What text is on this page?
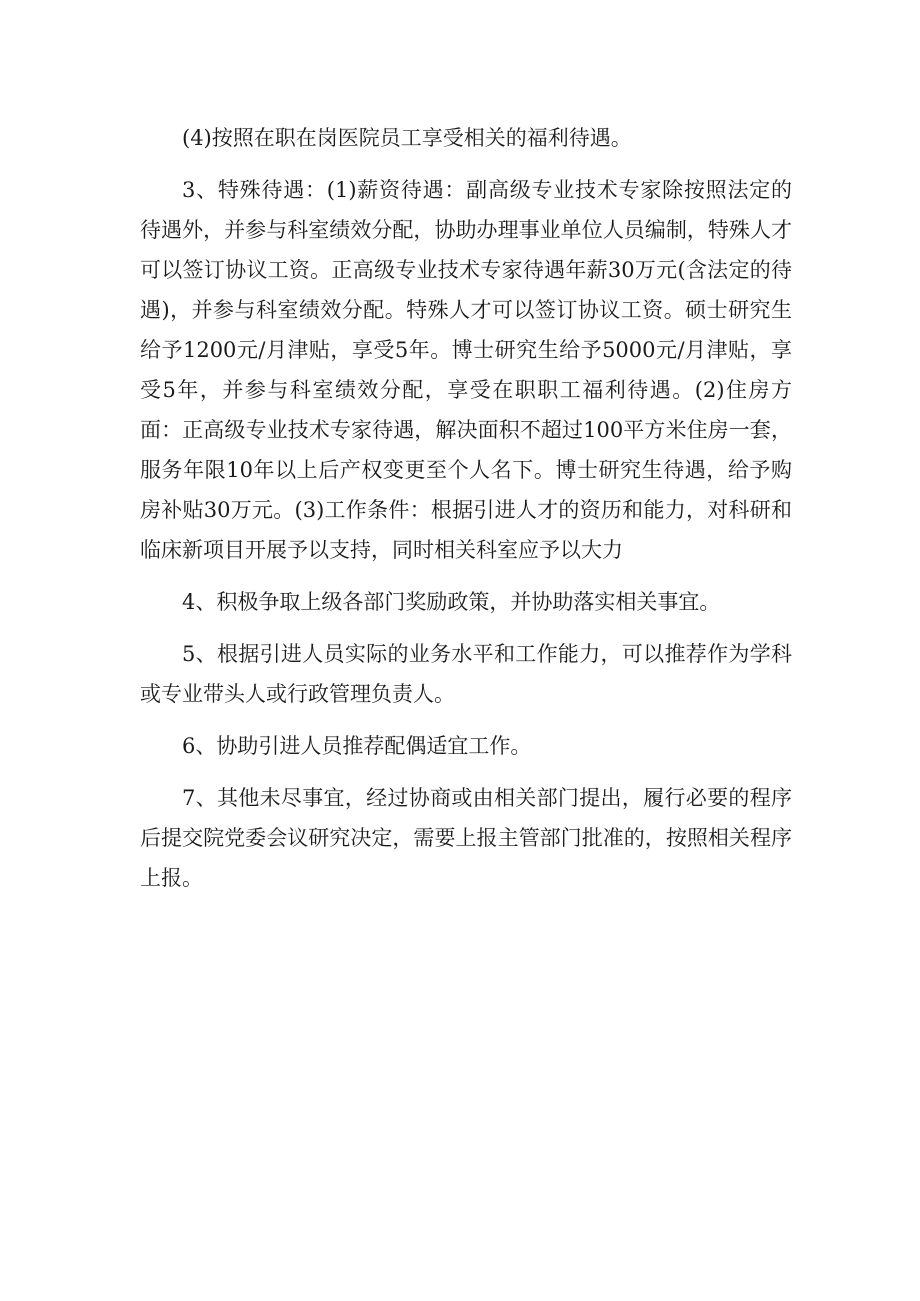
(4)按照在职在岗医院员工享受相关的福利待遇。

3、特殊待遇：(1)薪资待遇：副高级专业技术专家除按照法定的待遇外，并参与科室绩效分配，协助办理事业单位人员编制，特殊人才可以签订协议工资。正高级专业技术专家待遇年薪30万元(含法定的待遇)，并参与科室绩效分配。特殊人才可以签订协议工资。硕士研究生给予1200元/月津贴，享受5年。博士研究生给予5000元/月津贴，享受5年，并参与科室绩效分配，享受在职职工福利待遇。(2)住房方面：正高级专业技术专家待遇，解决面积不超过100平方米住房一套，服务年限10年以上后产权变更至个人名下。博士研究生待遇，给予购房补贴30万元。(3)工作条件：根据引进人才的资历和能力，对科研和临床新项目开展予以支持，同时相关科室应予以大力

4、积极争取上级各部门奖励政策，并协助落实相关事宜。

5、根据引进人员实际的业务水平和工作能力，可以推荐作为学科或专业带头人或行政管理负责人。

6、协助引进人员推荐配偶适宜工作。

7、其他未尽事宜，经过协商或由相关部门提出，履行必要的程序后提交院党委会议研究决定，需要上报主管部门批准的，按照相关程序上报。
